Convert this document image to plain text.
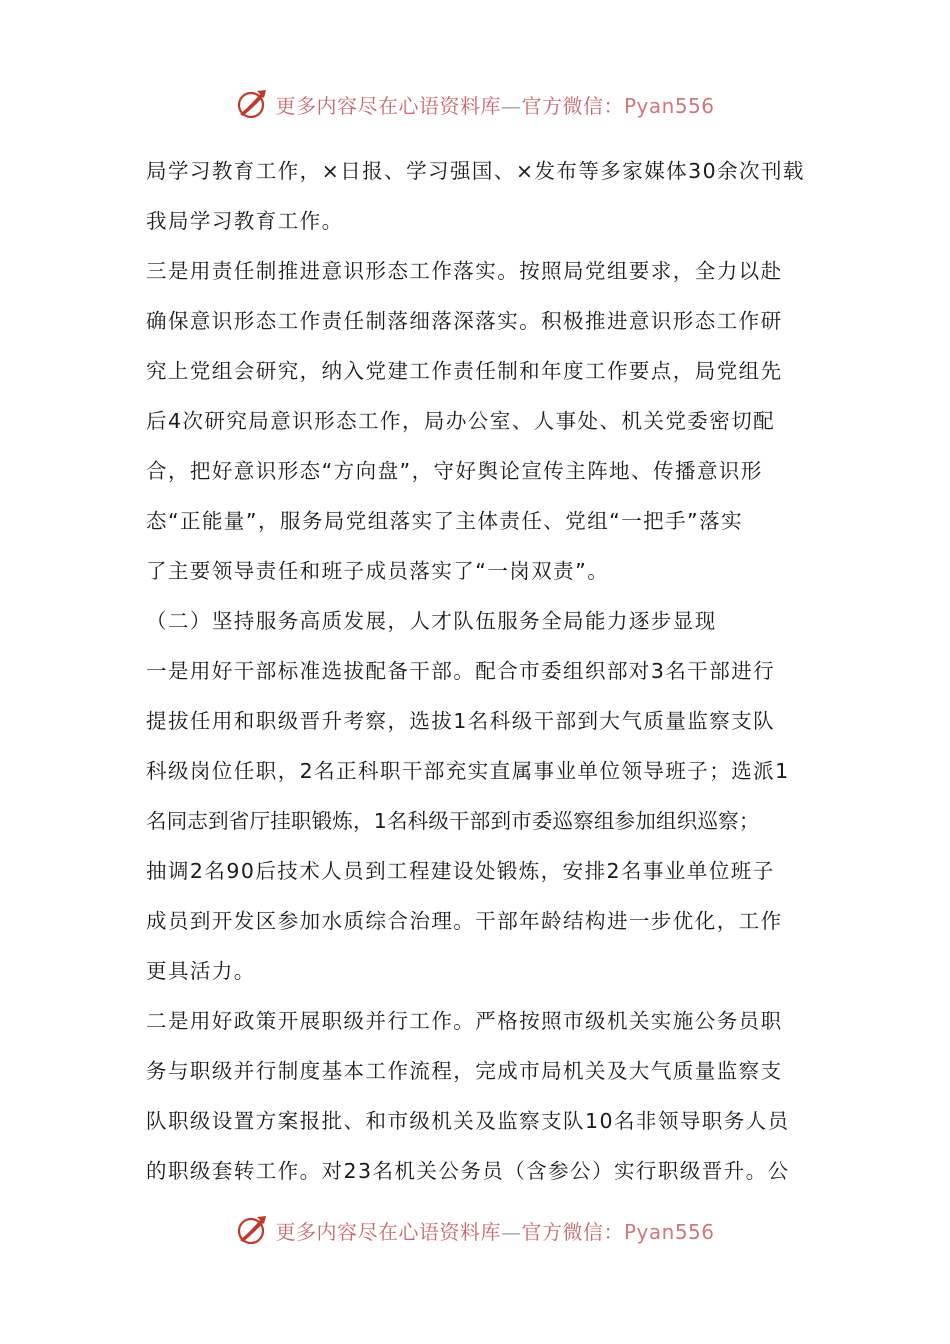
更多内容尽在心语资料库—官方微信：Pyan556
局学习教育工作，×日报、学习强国、×发布等多家媒体30余次刊载
我局学习教育工作。
三是用责任制推进意识形态工作落实。按照局党组要求，全力以赴
确保意识形态工作责任制落细落深落实。积极推进意识形态工作研
究上党组会研究，纳入党建工作责任制和年度工作要点，局党组先
后4次研究局意识形态工作，局办公室、人事处、机关党委密切配
合，把好意识形态“方向盘”，守好舆论宣传主阵地、传播意识形
态“正能量”，服务局党组落实了主体责任、党组“一把手”落实
了主要领导责任和班子成员落实了“一岗双责”。
（二）坚持服务高质发展，人才队伍服务全局能力逐步显现
一是用好干部标准选拔配备干部。配合市委组织部对3名干部进行
提拔任用和职级晋升考察，选拔1名科级干部到大气质量监察支队
科级岗位任职，2名正科职干部充实直属事业单位领导班子；选派1
名同志到省厅挂职锻炼，1名科级干部到市委巡察组参加组织巡察；
抽调2名90后技术人员到工程建设处锻炼，安排2名事业单位班子
成员到开发区参加水质综合治理。干部年龄结构进一步优化，工作
更具活力。
二是用好政策开展职级并行工作。严格按照市级机关实施公务员职
务与职级并行制度基本工作流程，完成市局机关及大气质量监察支
队职级设置方案报批、和市级机关及监察支队10名非领导职务人员
的职级套转工作。对23名机关公务员（含参公）实行职级晋升。公
更多内容尽在心语资料库—官方微信：Pyan556
